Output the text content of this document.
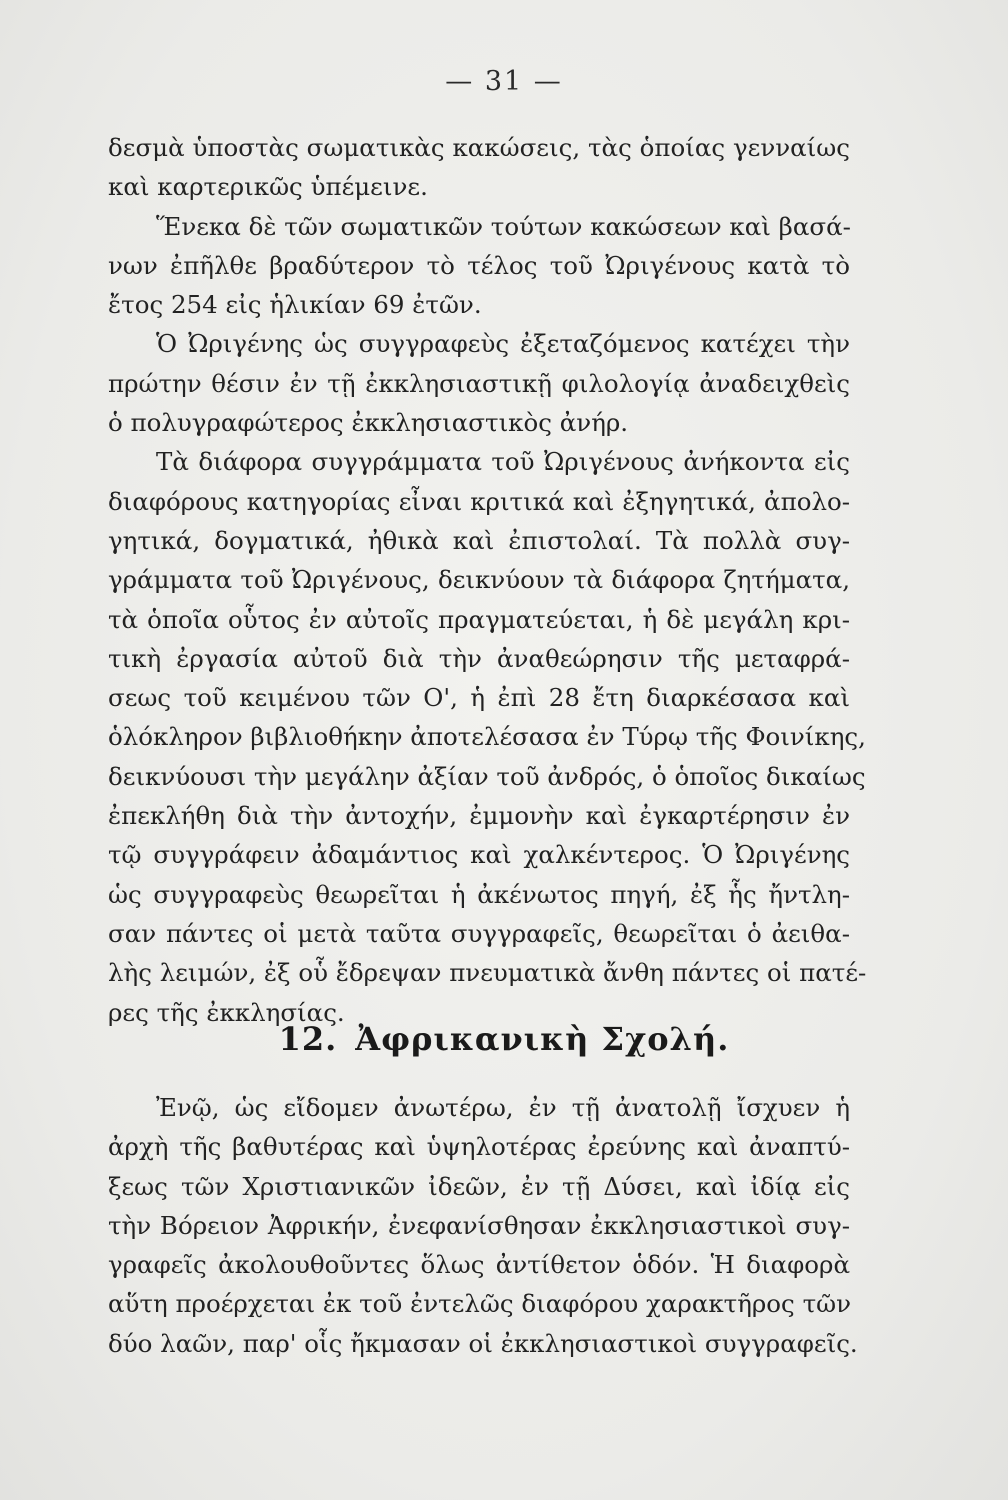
— 31 —
δεσμὰ ὑποστὰς σωματικὰς κακώσεις, τὰς ὁποίας γενναίως
καὶ καρτερικῶς ὑπέμεινε.
Ἕνεκα δὲ τῶν σωματικῶν τούτων κακώσεων καὶ βασά-
νων ἐπῆλθε βραδύτερον τὸ τέλος τοῦ Ὠριγένους κατὰ τὸ
ἔτος 254 εἰς ἡλικίαν 69 ἐτῶν.
Ὁ Ὠριγένης ὡς συγγραφεὺς ἐξεταζόμενος κατέχει τὴν
πρώτην θέσιν ἐν τῇ ἐκκλησιαστικῇ φιλολογίᾳ ἀναδειχθεὶς
ὁ πολυγραφώτερος ἐκκλησιαστικὸς ἀνήρ.
Τὰ διάφορα συγγράμματα τοῦ Ὠριγένους ἀνήκοντα εἰς
διαφόρους κατηγορίας εἶναι κριτικά καὶ ἐξηγητικά, ἀπολο-
γητικά, δογματικά, ἠθικὰ καὶ ἐπιστολαί. Τὰ πολλὰ συγ-
γράμματα τοῦ Ὠριγένους, δεικνύουν τὰ διάφορα ζητήματα,
τὰ ὁποῖα οὗτος ἐν αὐτοῖς πραγματεύεται, ἡ δὲ μεγάλη κρι-
τικὴ ἐργασία αὐτοῦ διὰ τὴν ἀναθεώρησιν τῆς μεταφρά-
σεως τοῦ κειμένου τῶν Ο', ἡ ἐπὶ 28 ἔτη διαρκέσασα καὶ
ὁλόκληρον βιβλιοθήκην ἀποτελέσασα ἐν Τύρῳ τῆς Φοινίκης,
δεικνύουσι τὴν μεγάλην ἀξίαν τοῦ ἀνδρός, ὁ ὁποῖος δικαίως
ἐπεκλήθη διὰ τὴν ἀντοχήν, ἐμμονὴν καὶ ἐγκαρτέρησιν ἐν
τῷ συγγράφειν ἀδαμάντιος καὶ χαλκέντερος. Ὁ Ὠριγένης
ὡς συγγραφεὺς θεωρεῖται ἡ ἀκένωτος πηγή, ἐξ ἧς ἤντλη-
σαν πάντες οἱ μετὰ ταῦτα συγγραφεῖς, θεωρεῖται ὁ ἀειθα-
λὴς λειμών, ἐξ οὗ ἔδρεψαν πνευματικὰ ἄνθη πάντες οἱ πατέ-
ρες τῆς ἐκκλησίας.
12. Ἀφρικανικὴ Σχολή.
Ἐνῷ, ὡς εἴδομεν ἀνωτέρω, ἐν τῇ ἀνατολῇ ἴσχυεν ἡ
ἀρχὴ τῆς βαθυτέρας καὶ ὑψηλοτέρας ἐρεύνης καὶ ἀναπτύ-
ξεως τῶν Χριστιανικῶν ἰδεῶν, ἐν τῇ Δύσει, καὶ ἰδίᾳ εἰς
τὴν Βόρειον Ἀφρικήν, ἐνεφανίσθησαν ἐκκλησιαστικοὶ συγ-
γραφεῖς ἀκολουθοῦντες ὅλως ἀντίθετον ὁδόν. Ἡ διαφορὰ
αὕτη προέρχεται ἐκ τοῦ ἐντελῶς διαφόρου χαρακτῆρος τῶν
δύο λαῶν, παρ' οἷς ἤκμασαν οἱ ἐκκλησιαστικοὶ συγγραφεῖς.
